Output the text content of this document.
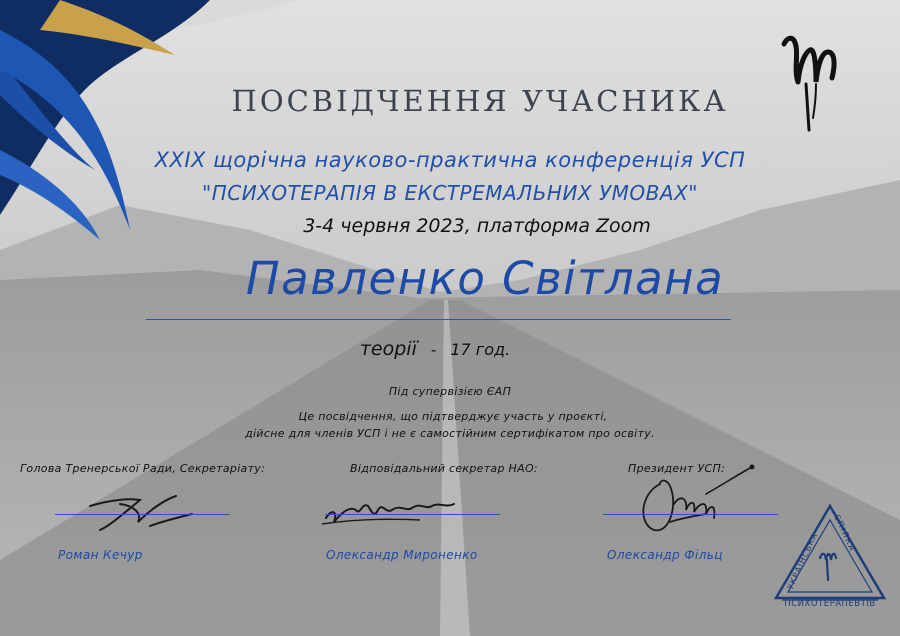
ПОСВІДЧЕННЯ УЧАСНИКА
XXIX щорічна науково-практична конференція УСП
"ПСИХОТЕРАПІЯ В ЕКСТРЕМАЛЬНИХ УМОВАХ"
3-4 червня 2023, платформа Zoom
Павленко Світлана
теорії - 17 год.
Під супервізією ЄАП
Це посвідчення, що підтверджує участь у проєкті,
дійсне для членів УСП і не є самостійним сертифікатом про освіту.
Голова Тренерської Ради, Секретаріату:
Роман Кечур
Відповідальний секретар НАО:
Олександр Мироненко
Президент УСП:
Олександр Фільц
УКРАЇНСЬКА
СПІЛКА
ПСИХОТЕРАПЕВТІВ
